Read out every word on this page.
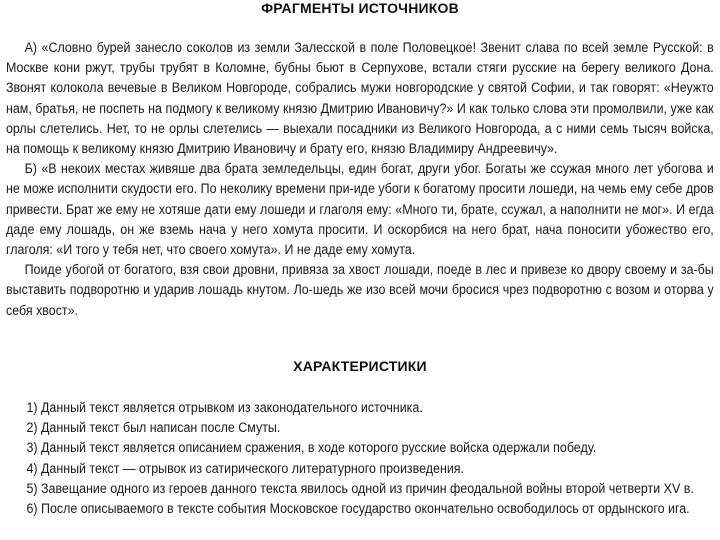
ФРАГМЕНТЫ ИСТОЧНИКОВ

А) «Словно бурей занесло соколов из земли Залесской в поле Половецкое! Звенит слава по всей земле Русской: в Москве кони ржут, трубы трубят в Коломне, бубны бьют в Серпухове, встали стяги русские на берегу великого Дона. Звонят колокола вечевые в Великом Новгороде, собрались мужи новгородские у святой Софии, и так говорят: «Неужто нам, братья, не поспеть на подмогу к великому князю Дмитрию Ивановичу?» И как только слова эти промолвили, уже как орлы слетелись. Нет, то не орлы слетелись — выехали посадники из Великого Новгорода, а с ними семь тысяч войска, на помощь к великому князю Дмитрию Ивановичу и брату его, князю Владимиру Андреевичу».

Б) «В некоих местах живяше два брата земледельцы, един богат, други убог. Богаты же ссужая много лет убогова и не може исполнити скудости его. По неколику времени при-иде убоги к богатому просити лошеди, на чемь ему себе дров привести. Брат же ему не хотяше дати ему лошеди и глаголя ему: «Много ти, брате, ссужал, а наполнити не мог». И егда даде ему лошадь, он же вземь нача у него хомута просити. И оскорбися на него брат, нача поносити убожество его, глаголя: «И того у тебя нет, что своего хомута». И не даде ему хомута.

Поиде убогой от богатого, взя свои дровни, привяза за хвост лошади, поеде в лес и привезе ко двору своему и за-бы выставить подворотню и ударив лошадь кнутом. Ло-шедь же изо всей мочи бросися чрез подворотню с возом и оторва у себя хвост».

ХАРАКТЕРИСТИКИ

1) Данный текст является отрывком из законодательного источника.

2) Данный текст был написан после Смуты.

3) Данный текст является описанием сражения, в ходе которого русские войска одержали победу.

4) Данный текст — отрывок из сатирического литературного произведения.

5) Завещание одного из героев данного текста явилось одной из причин феодальной войны второй четверти XV в.

6) После описываемого в тексте события Московское государство окончательно освободилось от ордынского ига.
